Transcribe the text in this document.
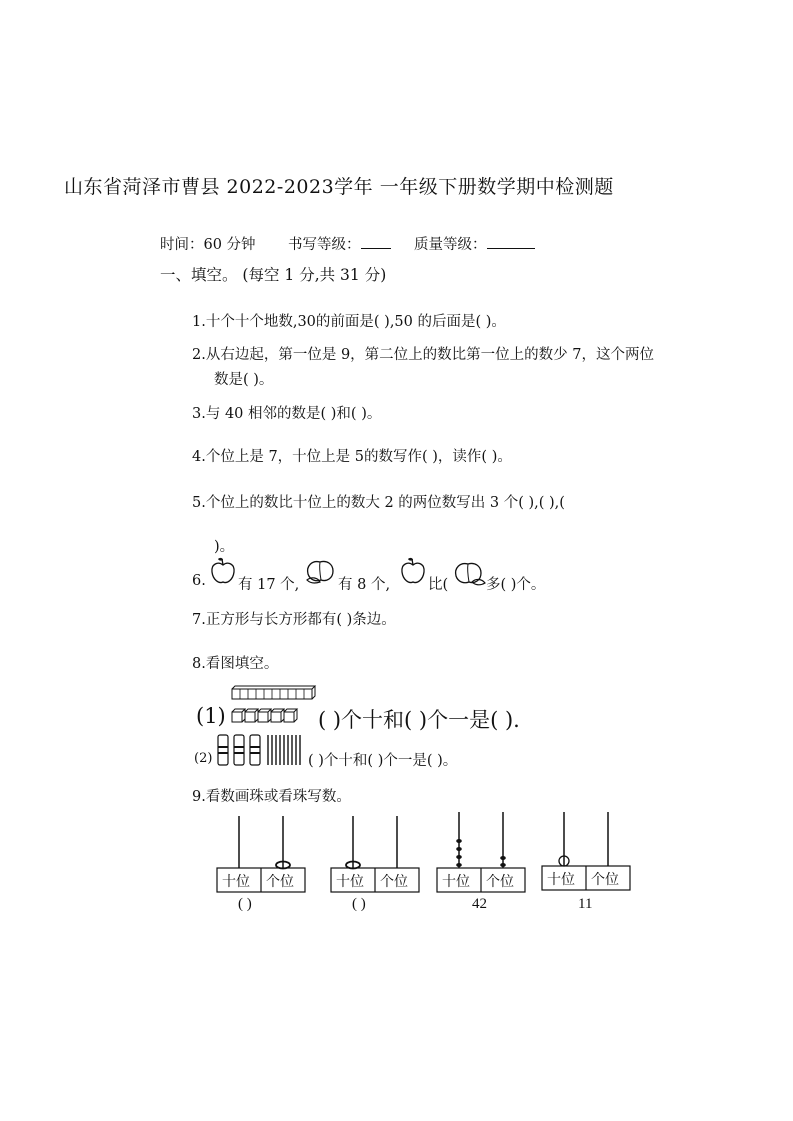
山东省菏泽市曹县 2022-2023学年 一年级下册数学期中检测题
时间：60 分钟 书写等级：	质量等级：
一、填空。 (每空 1 分,共 31 分)
1.十个十个地数,30的前面是( ),50 的后面是( )。
2.从右边起，第一位是 9，第二位上的数比第一位上的数少 7，这个两位
数是( )。
3.与 40 相邻的数是( )和( )。
4.个位上是 7，十位上是 5的数写作( )，读作( )。
5.个位上的数比十位上的数大 2 的两位数写出 3 个( ),( ),(
)。
6. 有 17 个,	有 8 个,	比(	多( )个。
7.正方形与长方形都有( )条边。
8.看图填空。
(1)	( )个十和( )个一是( ).
(2)	( )个十和( )个一是( )。
9.看数画珠或看珠写数。
十位 个位
( )
十位 个位
( )
十位 个位
42
十位 个位
11
